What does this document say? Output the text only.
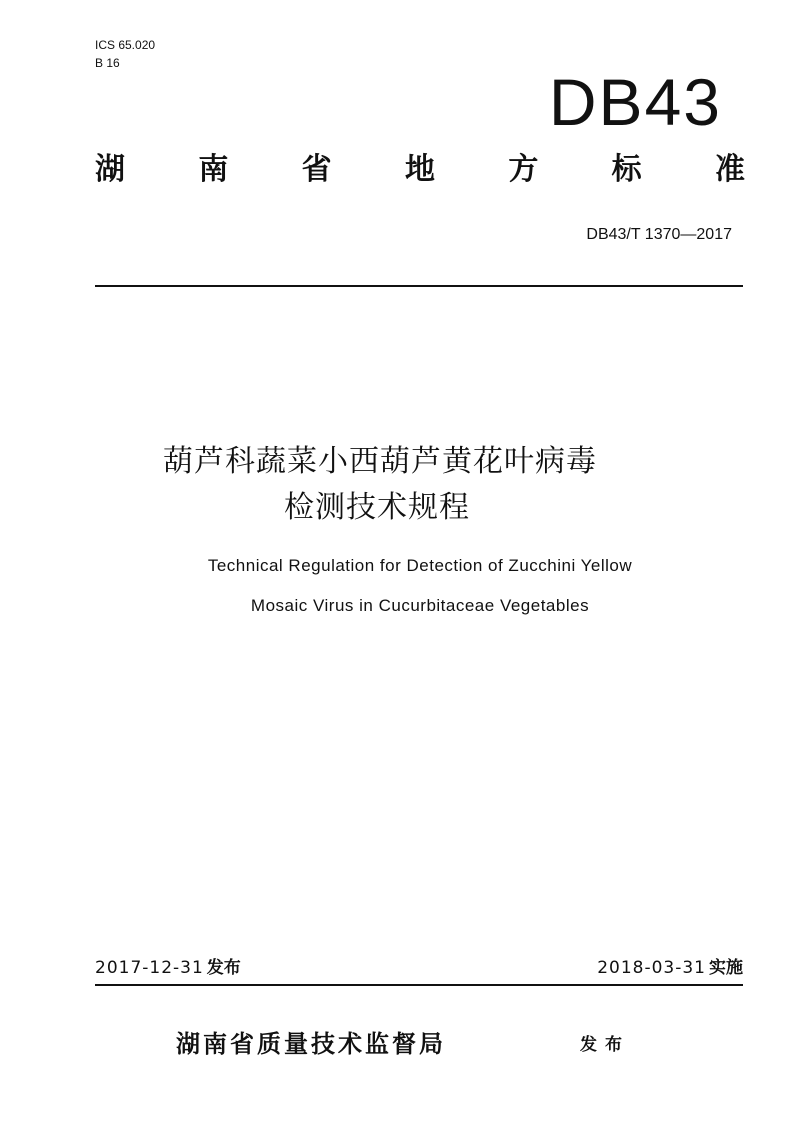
ICS 65.020
B 16
DB43
湖 南 省 地 方 标 准
DB43/T 1370—2017
葫芦科蔬菜小西葫芦黄花叶病毒
检测技术规程
Technical Regulation for Detection of Zucchini Yellow
Mosaic Virus in Cucurbitaceae Vegetables
2017-12-31 发布	2018-03-31 实施
湖南省质量技术监督局	发布
